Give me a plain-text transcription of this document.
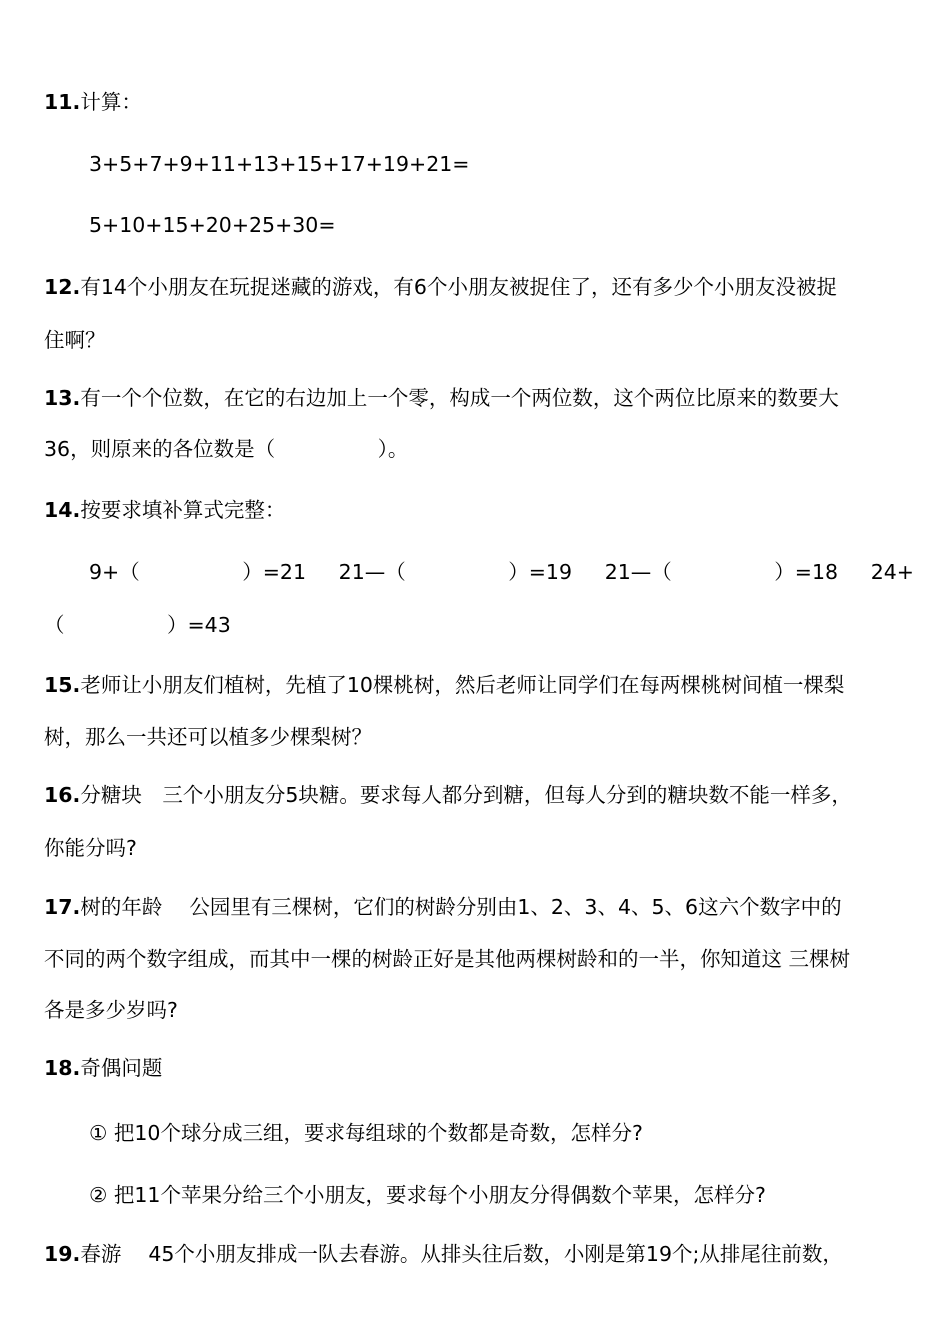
11.计算：
3+5+7+9+11+13+15+17+19+21=
5+10+15+20+25+30=
12.有14个小朋友在玩捉迷藏的游戏，有6个小朋友被捉住了，还有多少个小朋友没被捉
住啊？
13.有一个个位数，在它的右边加上一个零，构成一个两位数，这个两位比原来的数要大
36，则原来的各位数是（　　　　　）。
14.按要求填补算式完整：
9+（　　　　　）=21 21—（　　　　　）=19 21—（　　　　　）=18 24+
（　　　　　）=43
15.老师让小朋友们植树，先植了10棵桃树，然后老师让同学们在每两棵桃树间植一棵梨
树，那么一共还可以植多少棵梨树？
16.分糖块　三个小朋友分5块糖。要求每人都分到糖，但每人分到的糖块数不能一样多，
你能分吗?
17.树的年龄　 公园里有三棵树，它们的树龄分别由1、2、3、4、5、6这六个数字中的
不同的两个数字组成，而其中一棵的树龄正好是其他两棵树龄和的一半，你知道这 三棵树
各是多少岁吗?
18.奇偶问题
① 把10个球分成三组，要求每组球的个数都是奇数，怎样分?
② 把11个苹果分给三个小朋友，要求每个小朋友分得偶数个苹果，怎样分?
19.春游　 45个小朋友排成一队去春游。从排头往后数，小刚是第19个;从排尾往前数，
